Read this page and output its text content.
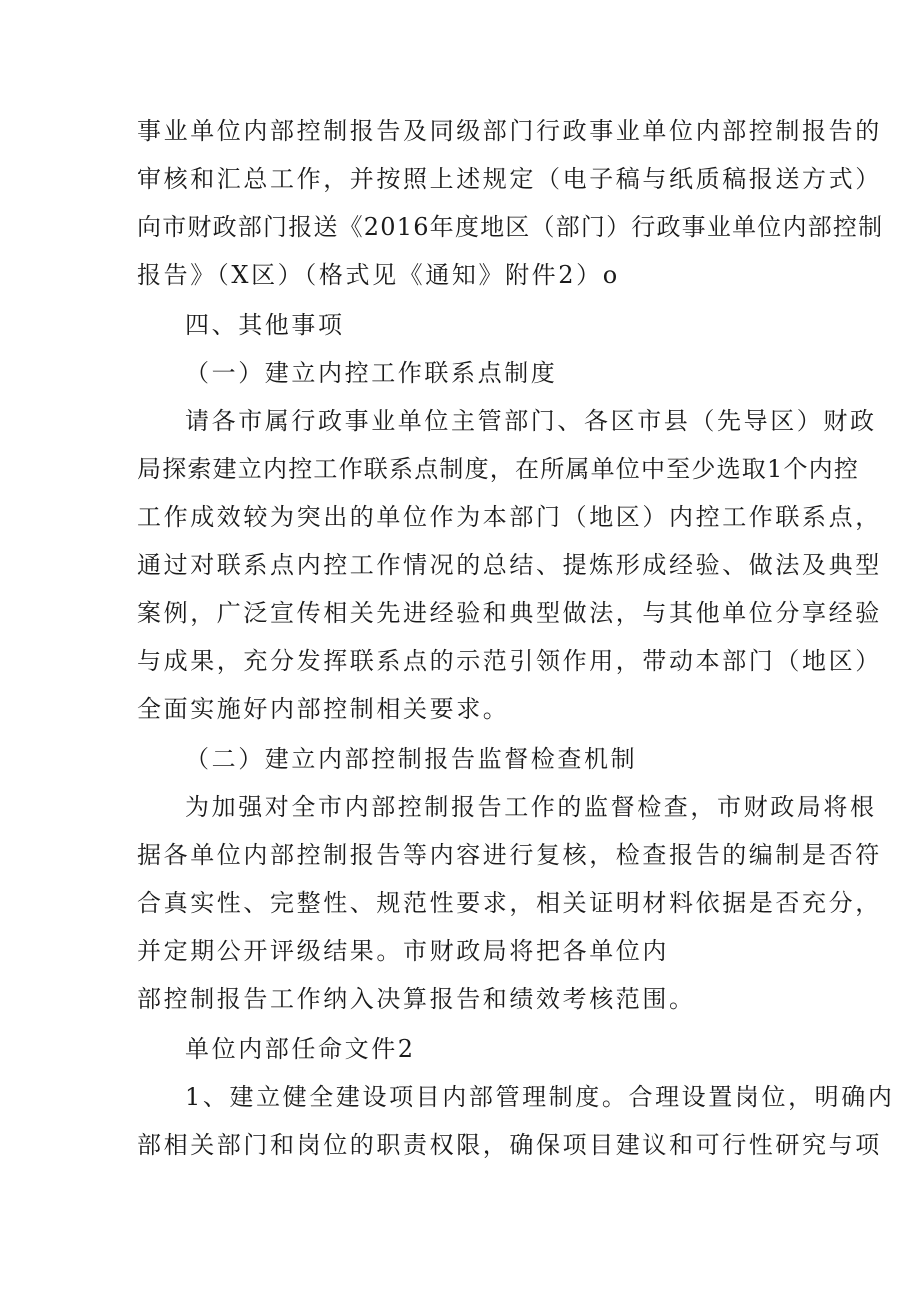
事业单位内部控制报告及同级部门行政事业单位内部控制报告的
审核和汇总工作，并按照上述规定（电子稿与纸质稿报送方式）
向市财政部门报送《2016年度地区（部门）行政事业单位内部控制
报告》（X区）（格式见《通知》附件2）o
四、其他事项
（一）建立内控工作联系点制度
请各市属行政事业单位主管部门、各区市县（先导区）财政
局探索建立内控工作联系点制度，在所属单位中至少选取1个内控
工作成效较为突出的单位作为本部门（地区）内控工作联系点，
通过对联系点内控工作情况的总结、提炼形成经验、做法及典型
案例，广泛宣传相关先进经验和典型做法，与其他单位分享经验
与成果，充分发挥联系点的示范引领作用，带动本部门（地区）
全面实施好内部控制相关要求。
（二）建立内部控制报告监督检查机制
为加强对全市内部控制报告工作的监督检查，市财政局将根
据各单位内部控制报告等内容进行复核，检查报告的编制是否符
合真实性、完整性、规范性要求，相关证明材料依据是否充分，
并定期公开评级结果。市财政局将把各单位内
部控制报告工作纳入决算报告和绩效考核范围。
单位内部任命文件2
1、建立健全建设项目内部管理制度。合理设置岗位，明确内
部相关部门和岗位的职责权限，确保项目建议和可行性研究与项
